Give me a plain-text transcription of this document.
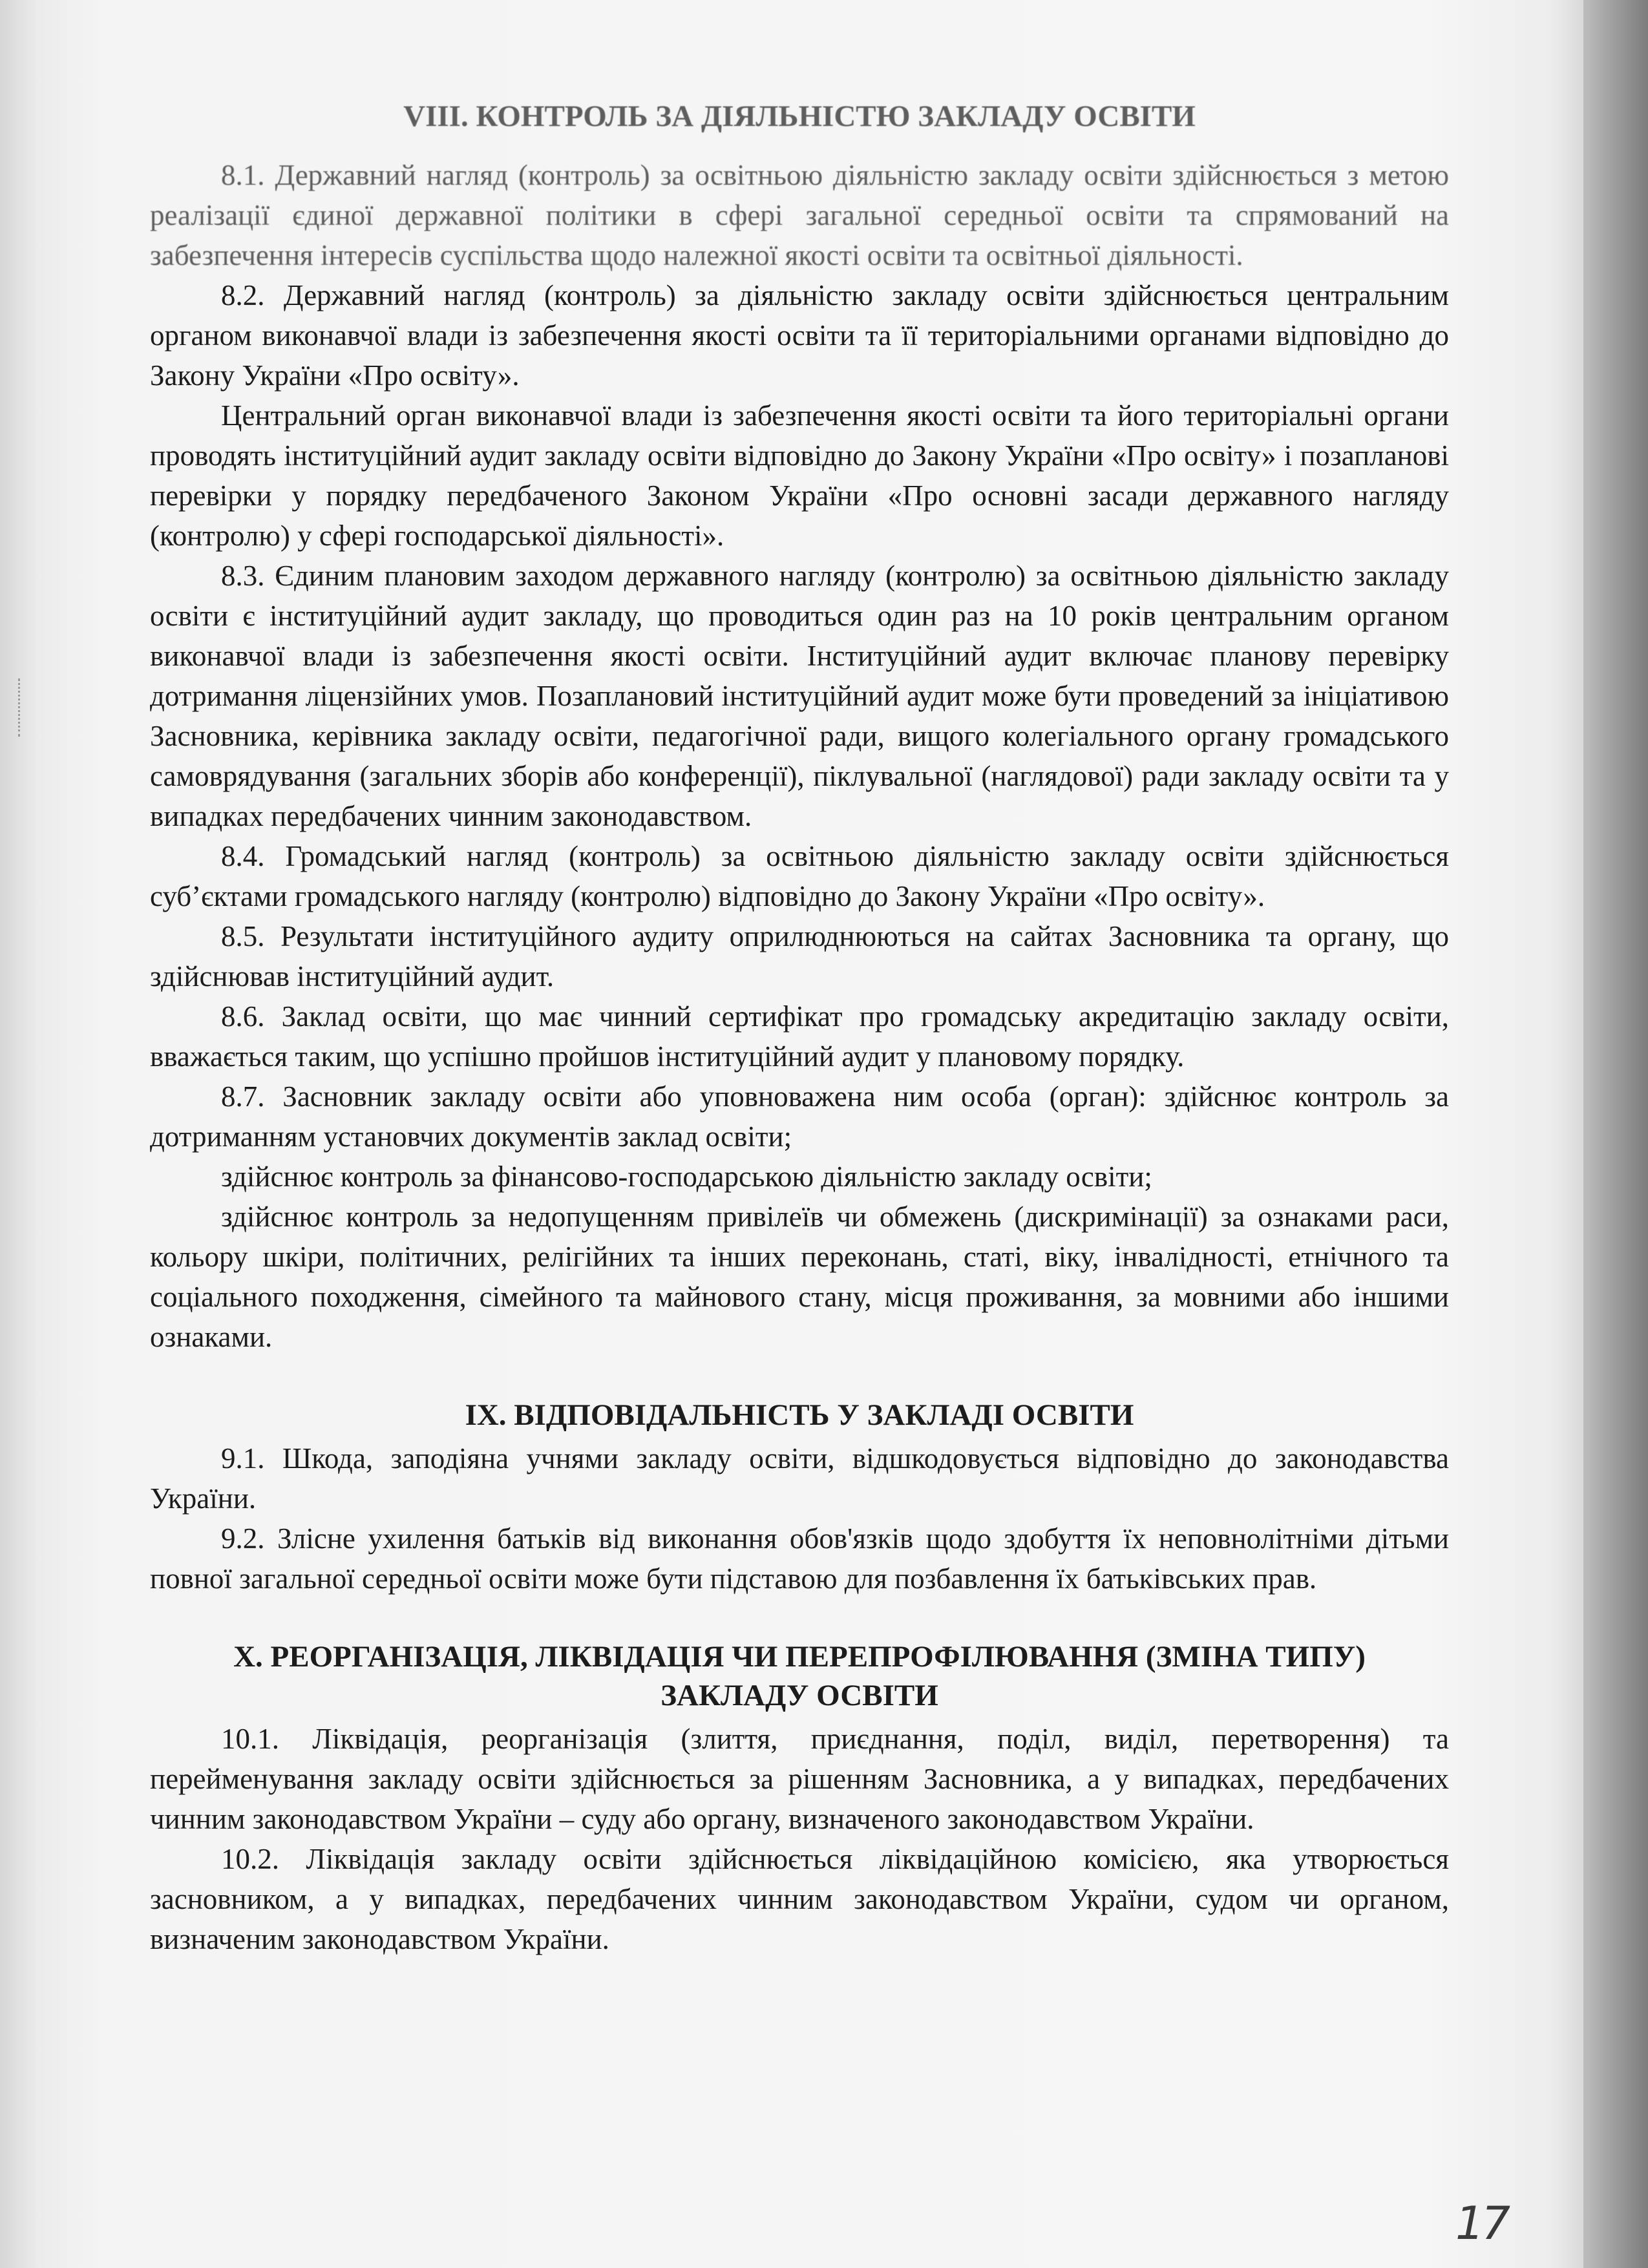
VIII. КОНТРОЛЬ ЗА ДІЯЛЬНІСТЮ ЗАКЛАДУ ОСВІТИ

8.1. Державний нагляд (контроль) за освітньою діяльністю закладу освіти здійснюється з метою реалізації єдиної державної політики в сфері загальної середньої освіти та спрямований на забезпечення інтересів суспільства щодо належної якості освіти та освітньої діяльності.

8.2. Державний нагляд (контроль) за діяльністю закладу освіти здійснюється центральним органом виконавчої влади із забезпечення якості освіти та її територіальними органами відповідно до Закону України «Про освіту».

Центральний орган виконавчої влади із забезпечення якості освіти та його територіальні органи проводять інституційний аудит закладу освіти відповідно до Закону України «Про освіту» і позапланові перевірки у порядку передбаченого Законом України «Про основні засади державного нагляду (контролю) у сфері господарської діяльності».

8.3. Єдиним плановим заходом державного нагляду (контролю) за освітньою діяльністю закладу освіти є інституційний аудит закладу, що проводиться один раз на 10 років центральним органом виконавчої влади із забезпечення якості освіти. Інституційний аудит включає планову перевірку дотримання ліцензійних умов. Позаплановий інституційний аудит може бути проведений за ініціативою Засновника, керівника закладу освіти, педагогічної ради, вищого колегіального органу громадського самоврядування (загальних зборів або конференції), піклувальної (наглядової) ради закладу освіти та у випадках передбачених чинним законодавством.

8.4. Громадський нагляд (контроль) за освітньою діяльністю закладу освіти здійснюється суб’єктами громадського нагляду (контролю) відповідно до Закону України «Про освіту».

8.5. Результати інституційного аудиту оприлюднюються на сайтах Засновника та органу, що здійснював інституційний аудит.

8.6. Заклад освіти, що має чинний сертифікат про громадську акредитацію закладу освіти, вважається таким, що успішно пройшов інституційний аудит у плановому порядку.

8.7. Засновник закладу освіти або уповноважена ним особа (орган): здійснює контроль за дотриманням установчих документів заклад освіти;

здійснює контроль за фінансово-господарською діяльністю закладу освіти;

здійснює контроль за недопущенням привілеїв чи обмежень (дискримінації) за ознаками раси, кольору шкіри, політичних, релігійних та інших переконань, статі, віку, інвалідності, етнічного та соціального походження, сімейного та майнового стану, місця проживання, за мовними або іншими ознаками.

IX. ВІДПОВІДАЛЬНІСТЬ У ЗАКЛАДІ ОСВІТИ

9.1. Шкода, заподіяна учнями закладу освіти, відшкодовується відповідно до законодавства України.

9.2. Злісне ухилення батьків від виконання обов'язків щодо здобуття їх неповнолітніми дітьми повної загальної середньої освіти може бути підставою для позбавлення їх батьківських прав.

X. РЕОРГАНІЗАЦІЯ, ЛІКВІДАЦІЯ ЧИ ПЕРЕПРОФІЛЮВАННЯ (ЗМІНА ТИПУ)
ЗАКЛАДУ ОСВІТИ

10.1. Ліквідація, реорганізація (злиття, приєднання, поділ, виділ, перетворення) та перейменування закладу освіти здійснюється за рішенням Засновника, а у випадках, передбачених чинним законодавством України – суду або органу, визначеного законодавством України.

10.2. Ліквідація закладу освіти здійснюється ліквідаційною комісією, яка утворюється засновником, а у випадках, передбачених чинним законодавством України, судом чи органом, визначеним законодавством України.

17
